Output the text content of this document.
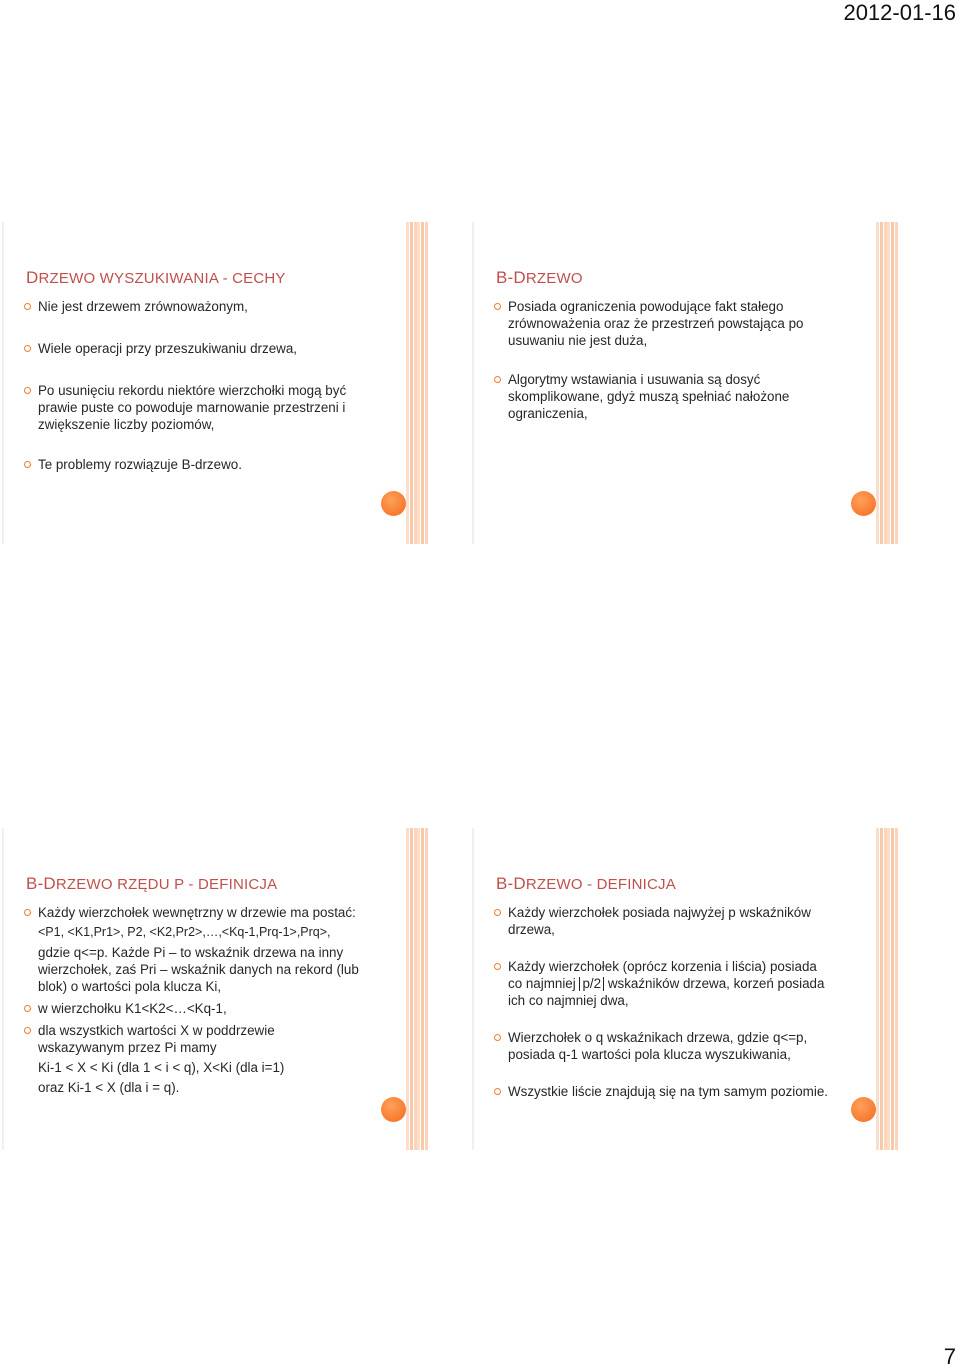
2012-01-16
DRZEWO WYSZUKIWANIA - CECHY
Nie jest drzewem zrównoważonym,
Wiele operacji przy przeszukiwaniu drzewa,
Po usunięciu rekordu niektóre wierzchołki mogą być prawie puste co powoduje marnowanie przestrzeni i zwiększenie liczby poziomów,
Te problemy rozwiązuje B-drzewo.
B-DRZEWO
Posiada ograniczenia powodujące fakt stałego zrównoważenia oraz że przestrzeń powstająca po usuwaniu nie jest duża,
Algorytmy wstawiania i usuwania są dosyć skomplikowane, gdyż muszą spełniać nałożone ograniczenia,
B-DRZEWO RZĘDU P - DEFINICJA
Każdy wierzchołek wewnętrzny w drzewie ma postać:
<P1, <K1,Pr1>, P2, <K2,Pr2>,…,<Kq-1,Prq-1>,Prq>,
gdzie q<=p. Każde Pi – to wskaźnik drzewa na inny wierzchołek, zaś Pri – wskaźnik danych na rekord (lub blok) o wartości pola klucza Ki,
w wierzchołku K1<K2<…<Kq-1,
dla wszystkich wartości X w poddrzewie wskazywanym przez Pi mamy
Ki-1 < X < Ki (dla 1 < i < q), X<Ki (dla i=1)
oraz Ki-1 < X (dla i = q).
B-DRZEWO - DEFINICJA
Każdy wierzchołek posiada najwyżej p wskaźników drzewa,
Każdy wierzchołek (oprócz korzenia i liścia) posiada co najmniej p/2 wskaźników drzewa, korzeń posiada ich co najmniej dwa,
Wierzchołek o q wskaźnikach drzewa, gdzie q<=p, posiada q-1 wartości pola klucza wyszukiwania,
Wszystkie liście znajdują się na tym samym poziomie.
7
